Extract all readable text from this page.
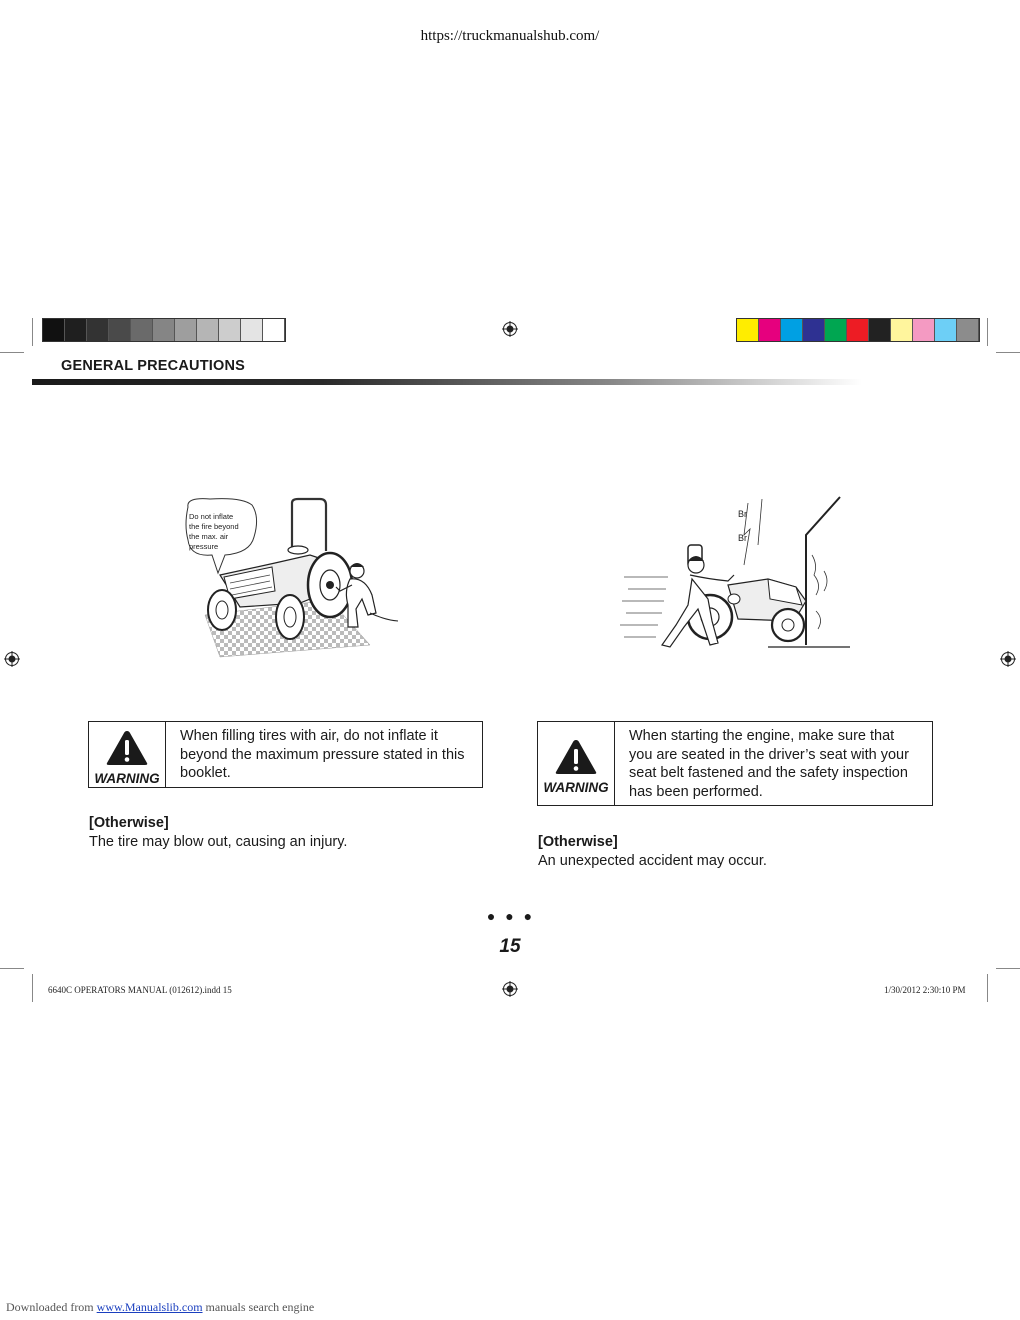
https://truckmanualshub.com/
GENERAL PRECAUTIONS
Do not inflate the fire beyond the max. air pressure
Br
Br
WARNING
When filling tires with air, do not inflate it beyond the maximum pressure stated in this booklet.
WARNING
When starting the engine, make sure that you are seated in the driver’s seat with your seat belt fastened and the safety inspection has been performed.
[Otherwise]
The tire may blow out, causing an injury.	[Otherwise]
An unexpected accident may occur.
● ● ●
15
6640C OPERATORS MANUAL (012612).indd 15	1/30/2012 2:30:10 PM
Downloaded from www.Manualslib.com manuals search engine
